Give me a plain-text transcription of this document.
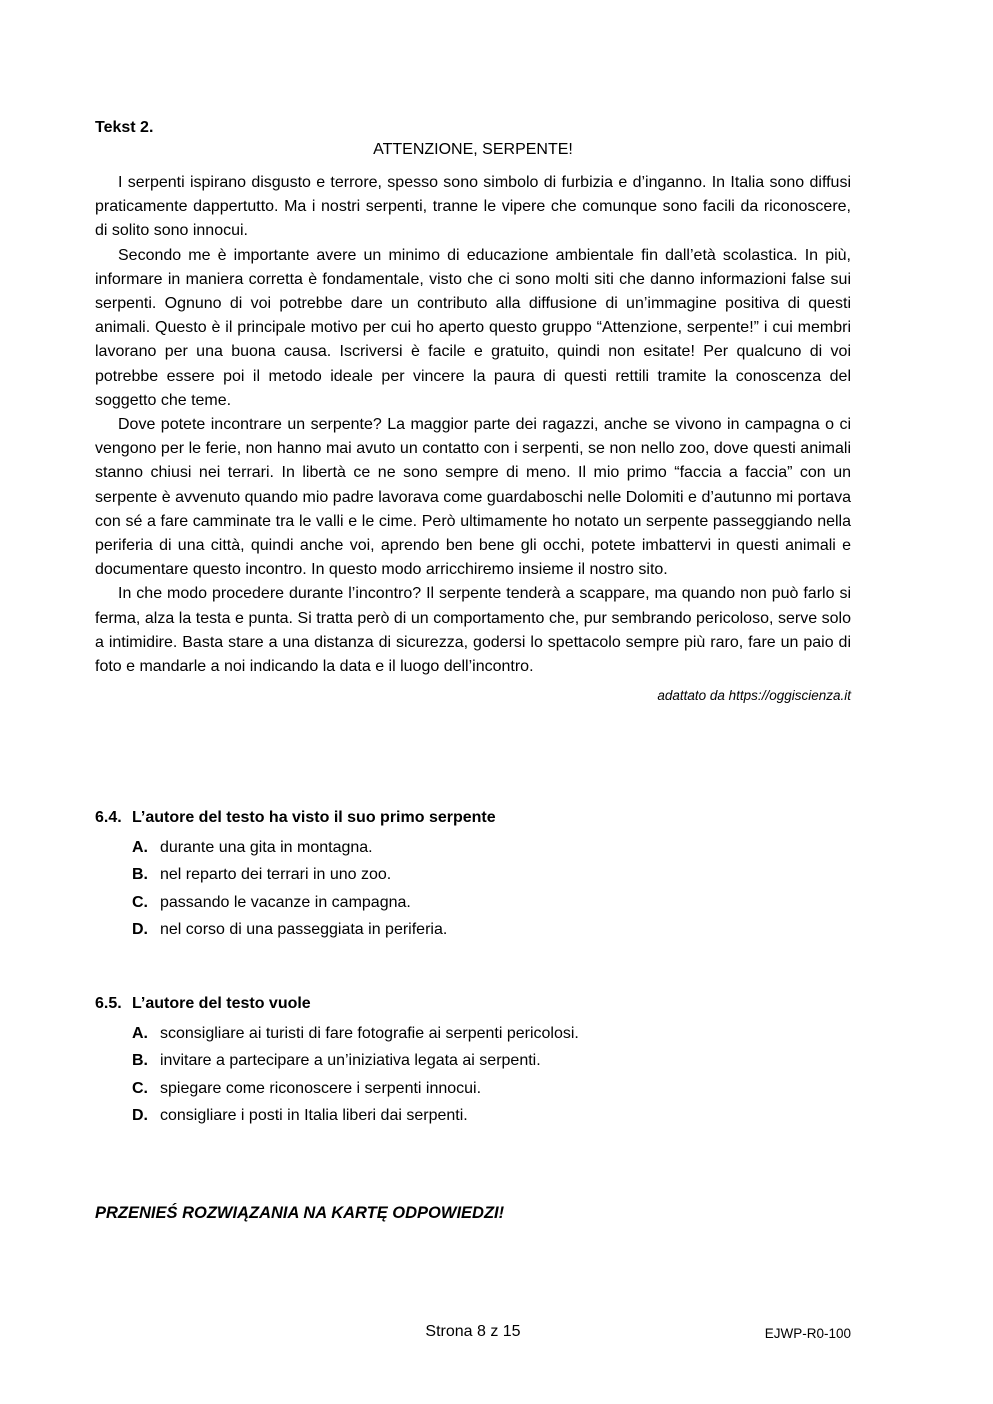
Tekst 2.

ATTENZIONE, SERPENTE!

I serpenti ispirano disgusto e terrore, spesso sono simbolo di furbizia e d’inganno. In Italia sono diffusi praticamente dappertutto. Ma i nostri serpenti, tranne le vipere che comunque sono facili da riconoscere, di solito sono innocui.

Secondo me è importante avere un minimo di educazione ambientale fin dall’età scolastica. In più, informare in maniera corretta è fondamentale, visto che ci sono molti siti che danno informazioni false sui serpenti. Ognuno di voi potrebbe dare un contributo alla diffusione di un’immagine positiva di questi animali. Questo è il principale motivo per cui ho aperto questo gruppo “Attenzione, serpente!” i cui membri lavorano per una buona causa. Iscriversi è facile e gratuito, quindi non esitate! Per qualcuno di voi potrebbe essere poi il metodo ideale per vincere la paura di questi rettili tramite la conoscenza del soggetto che teme.

Dove potete incontrare un serpente? La maggior parte dei ragazzi, anche se vivono in campagna o ci vengono per le ferie, non hanno mai avuto un contatto con i serpenti, se non nello zoo, dove questi animali stanno chiusi nei terrari. In libertà ce ne sono sempre di meno. Il mio primo “faccia a faccia” con un serpente è avvenuto quando mio padre lavorava come guardaboschi nelle Dolomiti e d’autunno mi portava con sé a fare camminate tra le valli e le cime. Però ultimamente ho notato un serpente passeggiando nella periferia di una città, quindi anche voi, aprendo ben bene gli occhi, potete imbattervi in questi animali e documentare questo incontro. In questo modo arricchiremo insieme il nostro sito.

In che modo procedere durante l’incontro? Il serpente tenderà a scappare, ma quando non può farlo si ferma, alza la testa e punta. Si tratta però di un comportamento che, pur sembrando pericoloso, serve solo a intimidire. Basta stare a una distanza di sicurezza, godersi lo spettacolo sempre più raro, fare un paio di foto e mandarle a noi indicando la data e il luogo dell’incontro.

adattato da https://oggiscienza.it

6.4. L’autore del testo ha visto il suo primo serpente
A. durante una gita in montagna.
B. nel reparto dei terrari in uno zoo.
C. passando le vacanze in campagna.
D. nel corso di una passeggiata in periferia.
6.5. L’autore del testo vuole
A. sconsigliare ai turisti di fare fotografie ai serpenti pericolosi.
B. invitare a partecipare a un’iniziativa legata ai serpenti.
C. spiegare come riconoscere i serpenti innocui.
D. consigliare i posti in Italia liberi dai serpenti.
PRZENIEŚ ROZWIĄZANIA NA KARTĘ ODPOWIEDZI!
Strona 8 z 15	EJWP-R0-100
